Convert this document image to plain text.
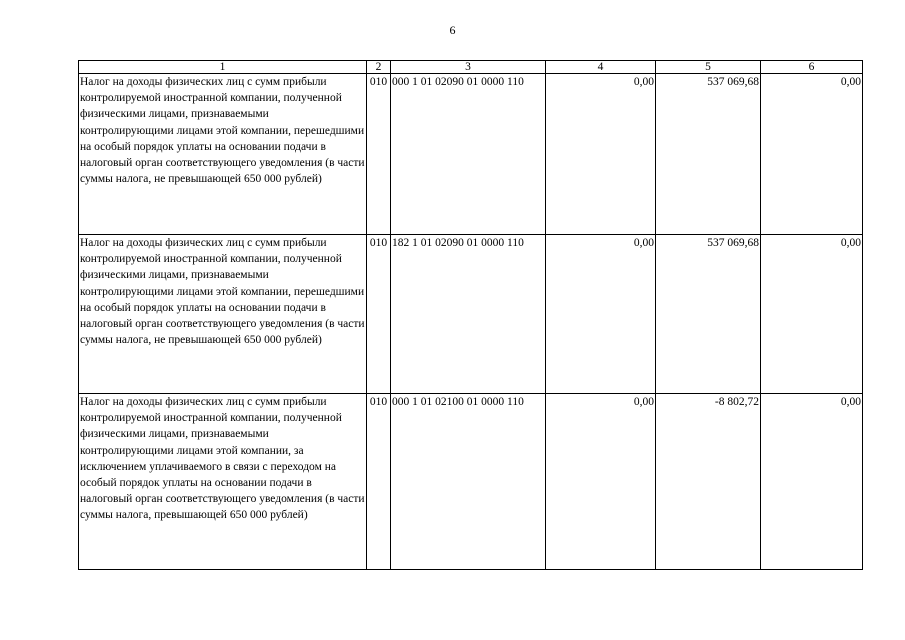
6
1	2	3	4	5	6
Налог на доходы физических лиц с сумм прибыли контролируемой иностранной компании, полученной физическими лицами, признаваемыми контролирующими лицами этой компании, перешедшими на особый порядок уплаты на основании подачи в налоговый орган соответствующего уведомления (в части суммы налога, не превышающей 650 000 рублей)	010	000 1 01 02090 01 0000 110	0,00	537 069,68	0,00
Налог на доходы физических лиц с сумм прибыли контролируемой иностранной компании, полученной физическими лицами, признаваемыми контролирующими лицами этой компании, перешедшими на особый порядок уплаты на основании подачи в налоговый орган соответствующего уведомления (в части суммы налога, не превышающей 650 000 рублей)	010	182 1 01 02090 01 0000 110	0,00	537 069,68	0,00
Налог на доходы физических лиц с сумм прибыли контролируемой иностранной компании, полученной физическими лицами, признаваемыми контролирующими лицами этой компании, за исключением уплачиваемого в связи с переходом на особый порядок уплаты на основании подачи в налоговый орган соответствующего уведомления (в части суммы налога, превышающей 650 000 рублей)	010	000 1 01 02100 01 0000 110	0,00	-8 802,72	0,00
